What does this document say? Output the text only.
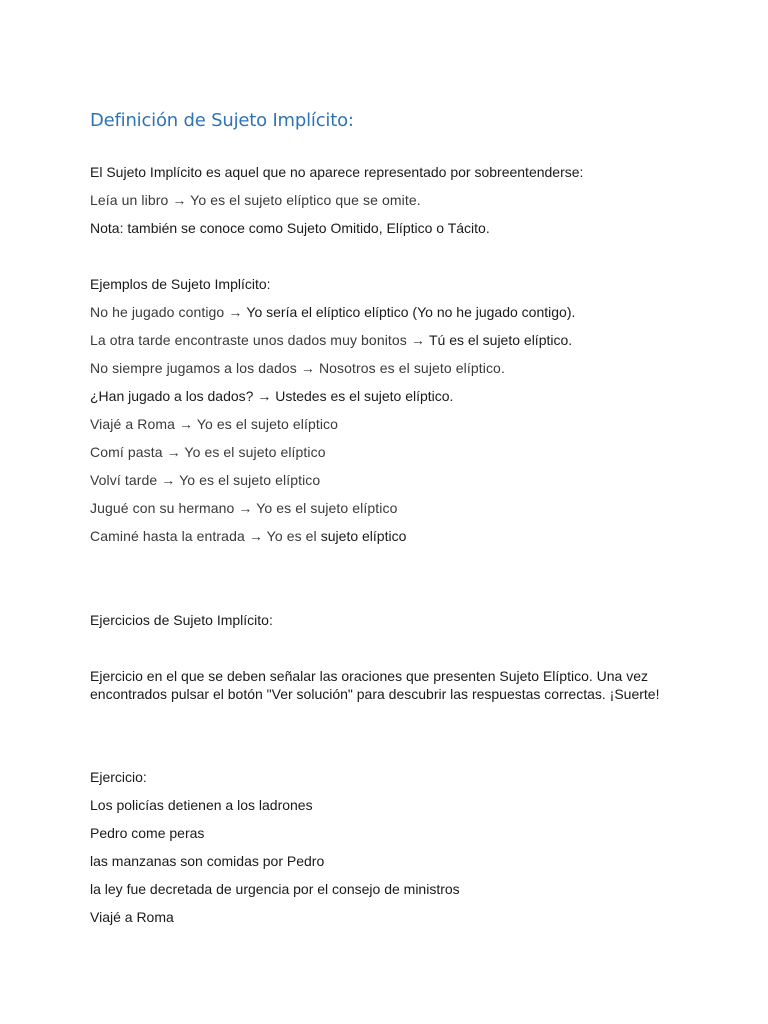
Definición de Sujeto Implícito:
El Sujeto Implícito es aquel que no aparece representado por sobreentenderse:
Leía un libro → Yo es el sujeto elíptico que se omite.
Nota: también se conoce como Sujeto Omitido, Elíptico o Tácito.
Ejemplos de Sujeto Implícito:
No he jugado contigo → Yo sería el elíptico elíptico (Yo no he jugado contigo).
La otra tarde encontraste unos dados muy bonitos → Tú es el sujeto elíptico.
No siempre jugamos a los dados → Nosotros es el sujeto elíptico.
¿Han jugado a los dados? → Ustedes es el sujeto elíptico.
Viajé a Roma → Yo es el sujeto elíptico
Comí pasta → Yo es el sujeto elíptico
Volví tarde → Yo es el sujeto elíptico
Jugué con su hermano → Yo es el sujeto elíptico
Caminé hasta la entrada → Yo es el sujeto elíptico
Ejercicios de Sujeto Implícito:
Ejercicio en el que se deben señalar las oraciones que presenten Sujeto Elíptico. Una vez encontrados pulsar el botón "Ver solución" para descubrir las respuestas correctas. ¡Suerte!
Ejercicio:
Los policías detienen a los ladrones
Pedro come peras
las manzanas son comidas por Pedro
la ley fue decretada de urgencia por el consejo de ministros
Viajé a Roma
